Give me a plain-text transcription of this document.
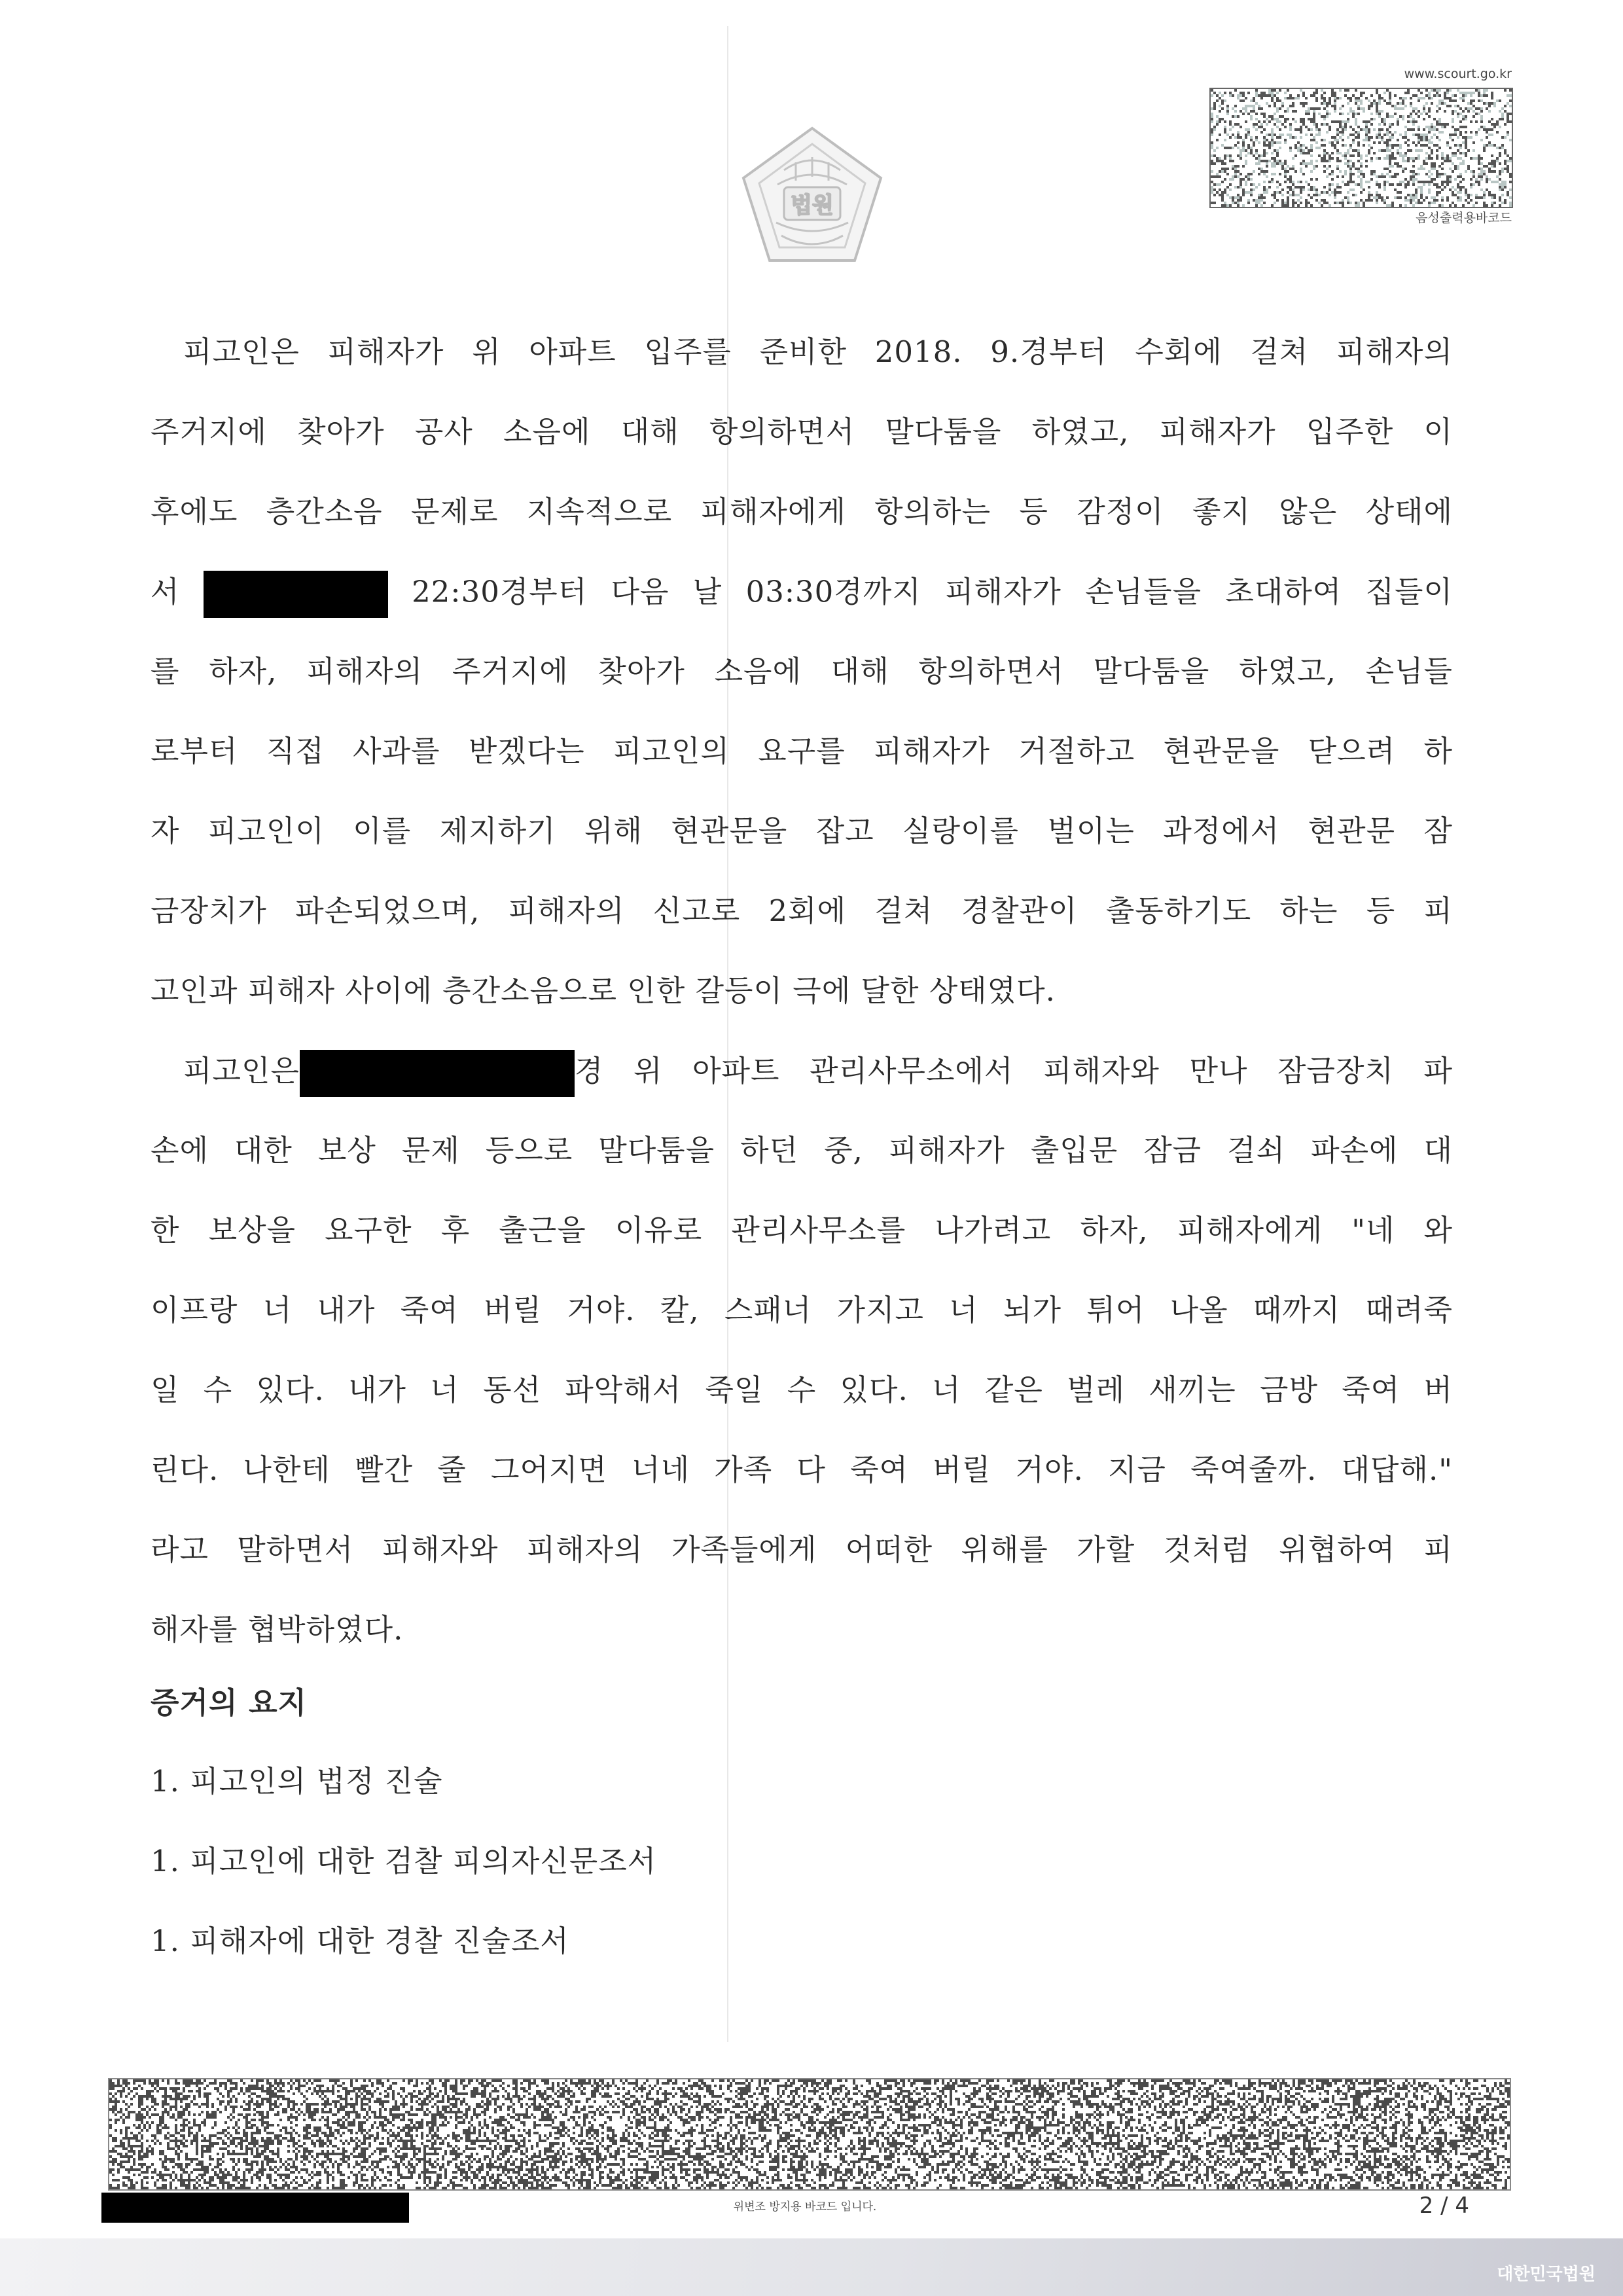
www.scourt.go.kr
음성출력용바코드
법원

피고인은 피해자가 위 아파트 입주를 준비한 2018. 9.경부터 수회에 걸쳐 피해자의

주거지에 찾아가 공사 소음에 대해 항의하면서 말다툼을 하였고, 피해자가 입주한 이

후에도 층간소음 문제로 지속적으로 피해자에게 항의하는 등 감정이 좋지 않은 상태에

서	22:30경부터 다음 날 03:30경까지 피해자가 손님들을 초대하여 집들이

를 하자, 피해자의 주거지에 찾아가 소음에 대해 항의하면서 말다툼을 하였고, 손님들

로부터 직접 사과를 받겠다는 피고인의 요구를 피해자가 거절하고 현관문을 닫으려 하

자 피고인이 이를 제지하기 위해 현관문을 잡고 실랑이를 벌이는 과정에서 현관문 잠

금장치가 파손되었으며, 피해자의 신고로 2회에 걸쳐 경찰관이 출동하기도 하는 등 피

고인과 피해자 사이에 층간소음으로 인한 갈등이 극에 달한 상태였다.

피고인은	경 위 아파트 관리사무소에서 피해자와 만나 잠금장치 파

손에 대한 보상 문제 등으로 말다툼을 하던 중, 피해자가 출입문 잠금 걸쇠 파손에 대

한 보상을 요구한 후 출근을 이유로 관리사무소를 나가려고 하자, 피해자에게 "네 와

이프랑 너 내가 죽여 버릴 거야. 칼, 스패너 가지고 너 뇌가 튀어 나올 때까지 때려죽

일 수 있다. 내가 너 동선 파악해서 죽일 수 있다. 너 같은 벌레 새끼는 금방 죽여 버

린다. 나한테 빨간 줄 그어지면 너네 가족 다 죽여 버릴 거야. 지금 죽여줄까. 대답해."

라고 말하면서 피해자와 피해자의 가족들에게 어떠한 위해를 가할 것처럼 위협하여 피

해자를 협박하였다.

증거의 요지

1. 피고인의 법정 진술

1. 피고인에 대한 검찰 피의자신문조서

1. 피해자에 대한 경찰 진술조서

위변조 방지용 바코드 입니다.	2 / 4
대한민국법원
